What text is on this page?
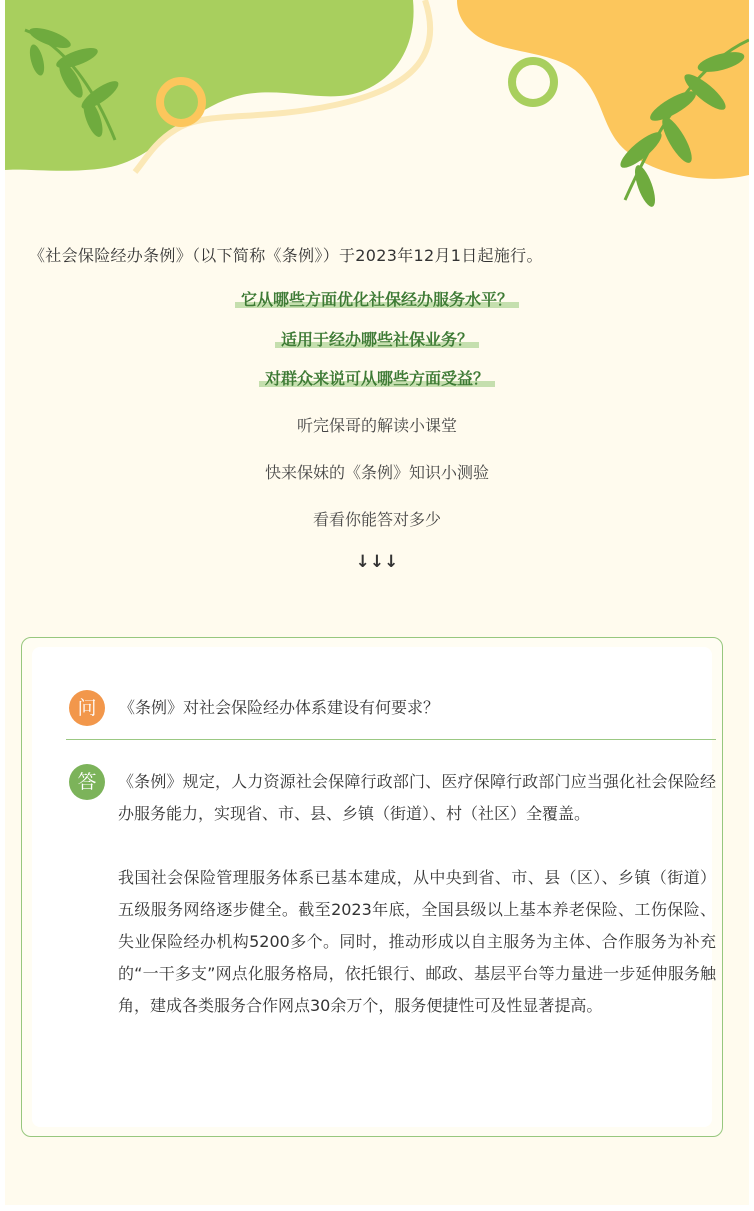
《社会保险经办条例》（以下简称《条例》）于2023年12月1日起施行。
它从哪些方面优化社保经办服务水平？
适用于经办哪些社保业务？
对群众来说可从哪些方面受益？
听完保哥的解读小课堂
快来保妹的《条例》知识小测验
看看你能答对多少
↓↓↓
问	《条例》对社会保险经办体系建设有何要求？
答	《条例》规定，人力资源社会保障行政部门、医疗保障行政部门应当强化社会保险经办服务能力，实现省、市、县、乡镇（街道）、村（社区）全覆盖。

我国社会保险管理服务体系已基本建成，从中央到省、市、县（区）、乡镇（街道）五级服务网络逐步健全。截至2023年底，全国县级以上基本养老保险、工伤保险、失业保险经办机构5200多个。同时，推动形成以自主服务为主体、合作服务为补充的“一干多支”网点化服务格局，依托银行、邮政、基层平台等力量进一步延伸服务触角，建成各类服务合作网点30余万个，服务便捷性可及性显著提高。
